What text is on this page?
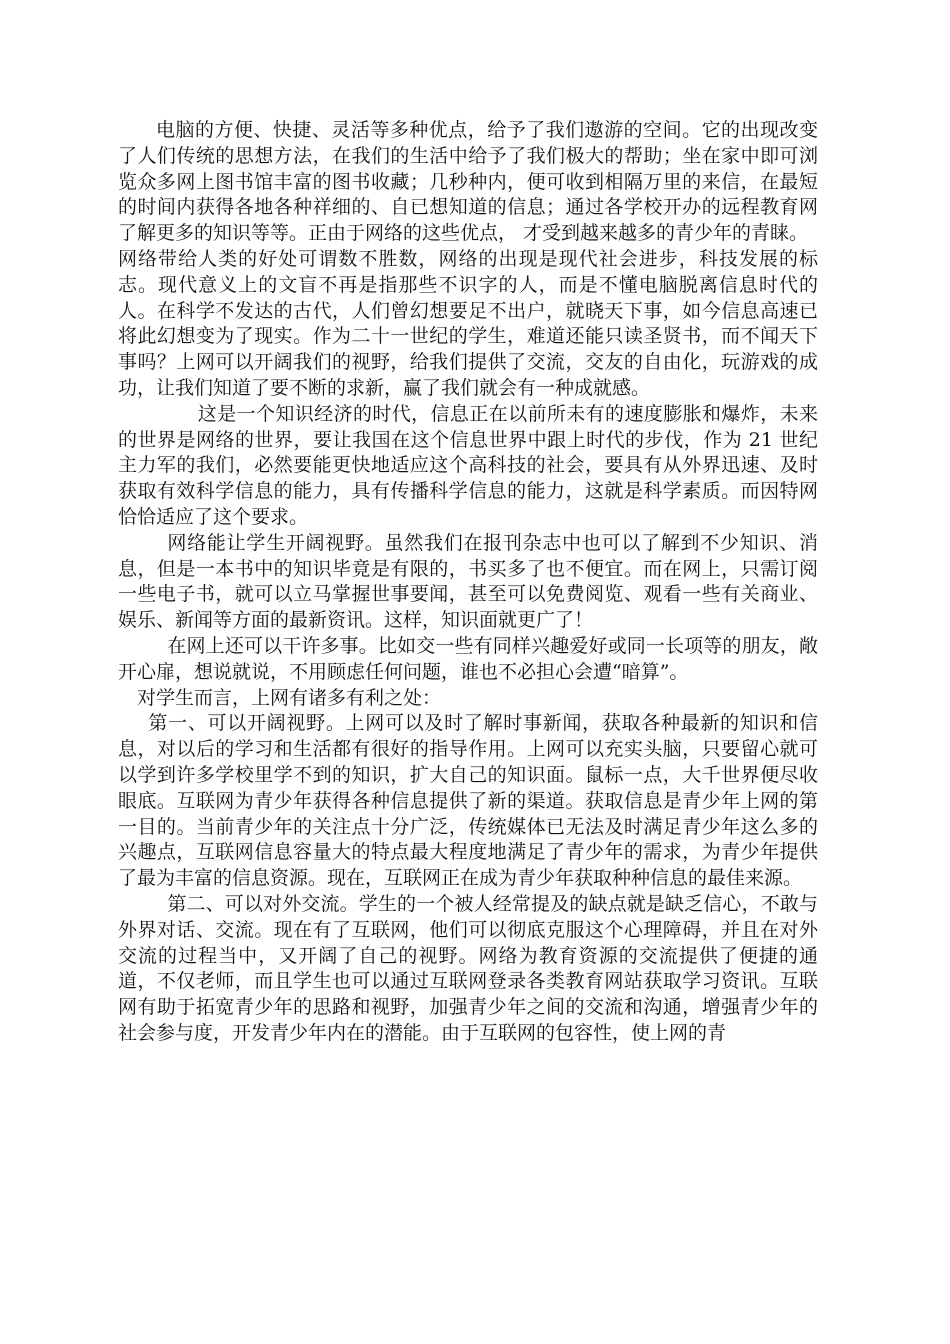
电脑的方便、快捷、灵活等多种优点，给予了我们遨游的空间。它的出现改变了人们传统的思想方法，在我们的生活中给予了我们极大的帮助；坐在家中即可浏览众多网上图书馆丰富的图书收藏；几秒种内，便可收到相隔万里的来信，在最短的时间内获得各地各种祥细的、自已想知道的信息；通过各学校开办的远程教育网了解更多的知识等等。正由于网络的这些优点， 才受到越来越多的青少年的青睐。

网络带给人类的好处可谓数不胜数，网络的出现是现代社会进步，科技发展的标志。现代意义上的文盲不再是指那些不识字的人，而是不懂电脑脱离信息时代的人。在科学不发达的古代，人们曾幻想要足不出户，就晓天下事，如今信息高速已将此幻想变为了现实。作为二十一世纪的学生，难道还能只读圣贤书，而不闻天下事吗？上网可以开阔我们的视野，给我们提供了交流，交友的自由化，玩游戏的成功，让我们知道了要不断的求新，赢了我们就会有一种成就感。

这是一个知识经济的时代，信息正在以前所未有的速度膨胀和爆炸，未来的世界是网络的世界，要让我国在这个信息世界中跟上时代的步伐，作为 21 世纪主力军的我们，必然要能更快地适应这个高科技的社会，要具有从外界迅速、及时获取有效科学信息的能力，具有传播科学信息的能力，这就是科学素质。而因特网恰恰适应了这个要求。

网络能让学生开阔视野。虽然我们在报刊杂志中也可以了解到不少知识、消息，但是一本书中的知识毕竟是有限的，书买多了也不便宜。而在网上，只需订阅一些电子书，就可以立马掌握世事要闻，甚至可以免费阅览、观看一些有关商业、娱乐、新闻等方面的最新资讯。这样，知识面就更广了！

在网上还可以干许多事。比如交一些有同样兴趣爱好或同一长项等的朋友，敞开心扉，想说就说，不用顾虑任何问题，谁也不必担心会遭“暗算”。

对学生而言，上网有诸多有利之处：

第一、可以开阔视野。上网可以及时了解时事新闻，获取各种最新的知识和信息，对以后的学习和生活都有很好的指导作用。上网可以充实头脑，只要留心就可以学到许多学校里学不到的知识，扩大自己的知识面。鼠标一点，大千世界便尽收眼底。互联网为青少年获得各种信息提供了新的渠道。获取信息是青少年上网的第一目的。当前青少年的关注点十分广泛，传统媒体已无法及时满足青少年这么多的兴趣点，互联网信息容量大的特点最大程度地满足了青少年的需求，为青少年提供了最为丰富的信息资源。现在，互联网正在成为青少年获取种种信息的最佳来源。

第二、可以对外交流。学生的一个被人经常提及的缺点就是缺乏信心，不敢与外界对话、交流。现在有了互联网，他们可以彻底克服这个心理障碍，并且在对外交流的过程当中，又开阔了自己的视野。网络为教育资源的交流提供了便捷的通道，不仅老师，而且学生也可以通过互联网登录各类教育网站获取学习资讯。互联网有助于拓宽青少年的思路和视野，加强青少年之间的交流和沟通，增强青少年的社会参与度，开发青少年内在的潜能。由于互联网的包容性，使上网的青
